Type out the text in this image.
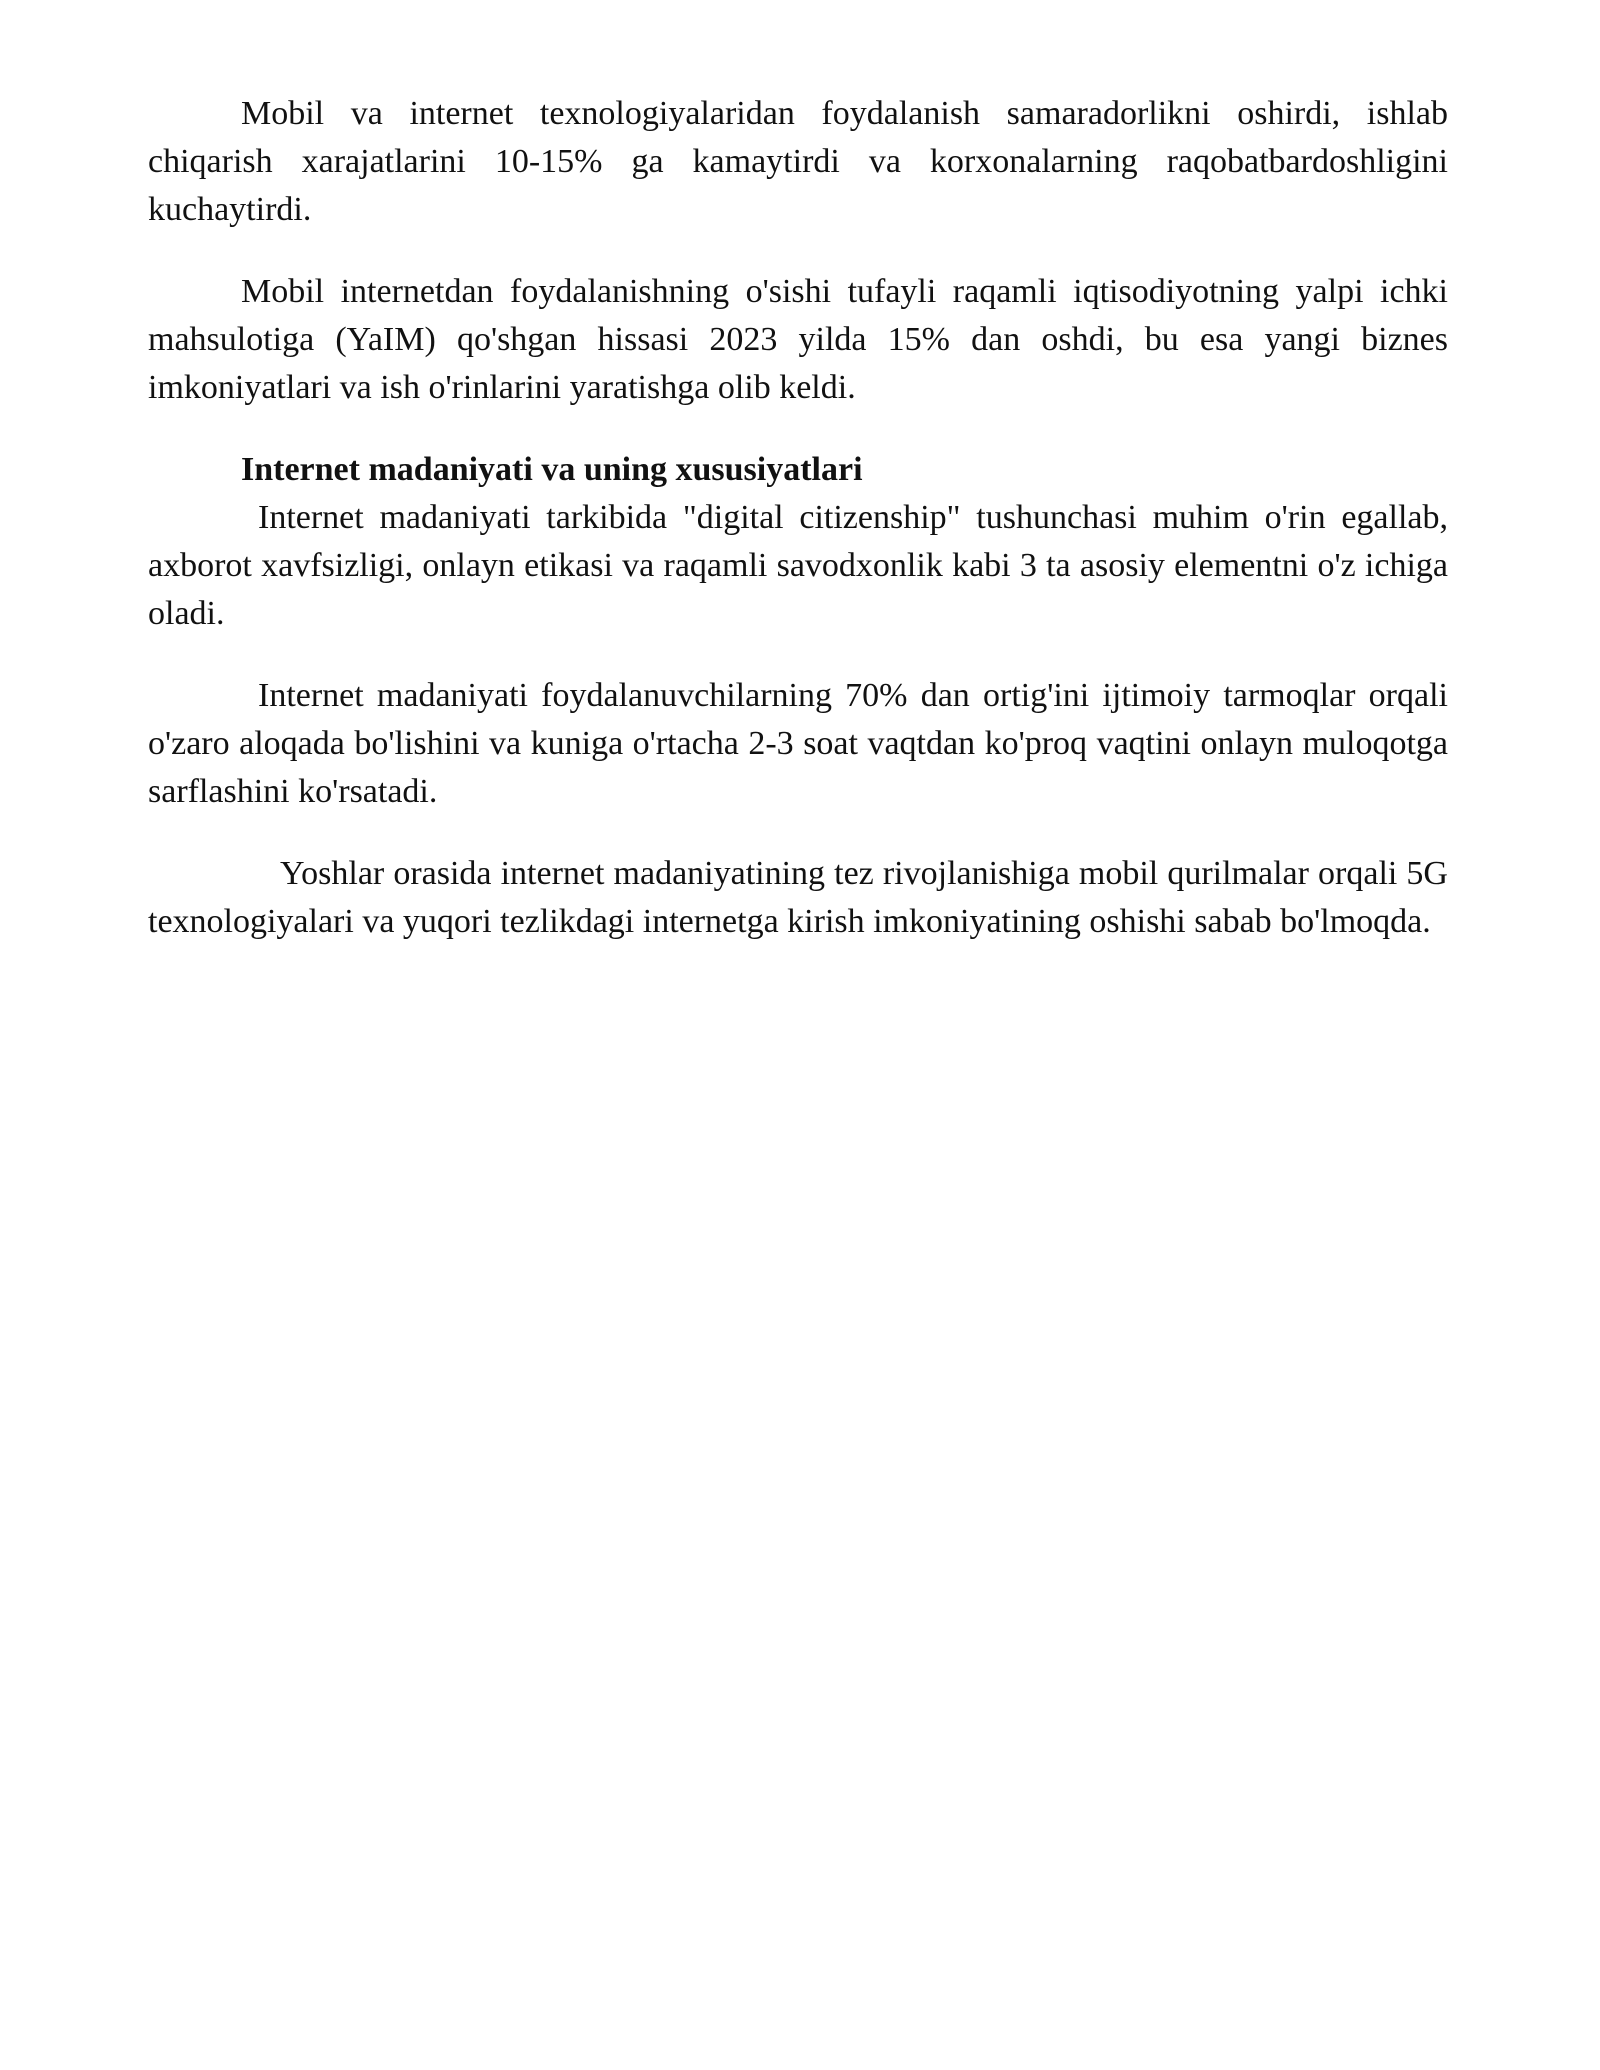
Mobil va internet texnologiyalaridan foydalanish samaradorlikni oshirdi, ishlab chiqarish xarajatlarini 10-15% ga kamaytirdi va korxonalarning raqobatbardoshligini kuchaytirdi.

Mobil internetdan foydalanishning o'sishi tufayli raqamli iqtisodiyotning yalpi ichki mahsulotiga (YaIM) qo'shgan hissasi 2023 yilda 15% dan oshdi, bu esa yangi biznes imkoniyatlari va ish o'rinlarini yaratishga olib keldi.

Internet madaniyati va uning xususiyatlari

Internet madaniyati tarkibida "digital citizenship" tushunchasi muhim o'rin egallab, axborot xavfsizligi, onlayn etikasi va raqamli savodxonlik kabi 3 ta asosiy elementni o'z ichiga oladi.

Internet madaniyati foydalanuvchilarning 70% dan ortig'ini ijtimoiy tarmoqlar orqali o'zaro aloqada bo'lishini va kuniga o'rtacha 2-3 soat vaqtdan ko'proq vaqtini onlayn muloqotga sarflashini ko'rsatadi.

Yoshlar orasida internet madaniyatining tez rivojlanishiga mobil qurilmalar orqali 5G texnologiyalari va yuqori tezlikdagi internetga kirish imkoniyatining oshishi sabab bo'lmoqda.
